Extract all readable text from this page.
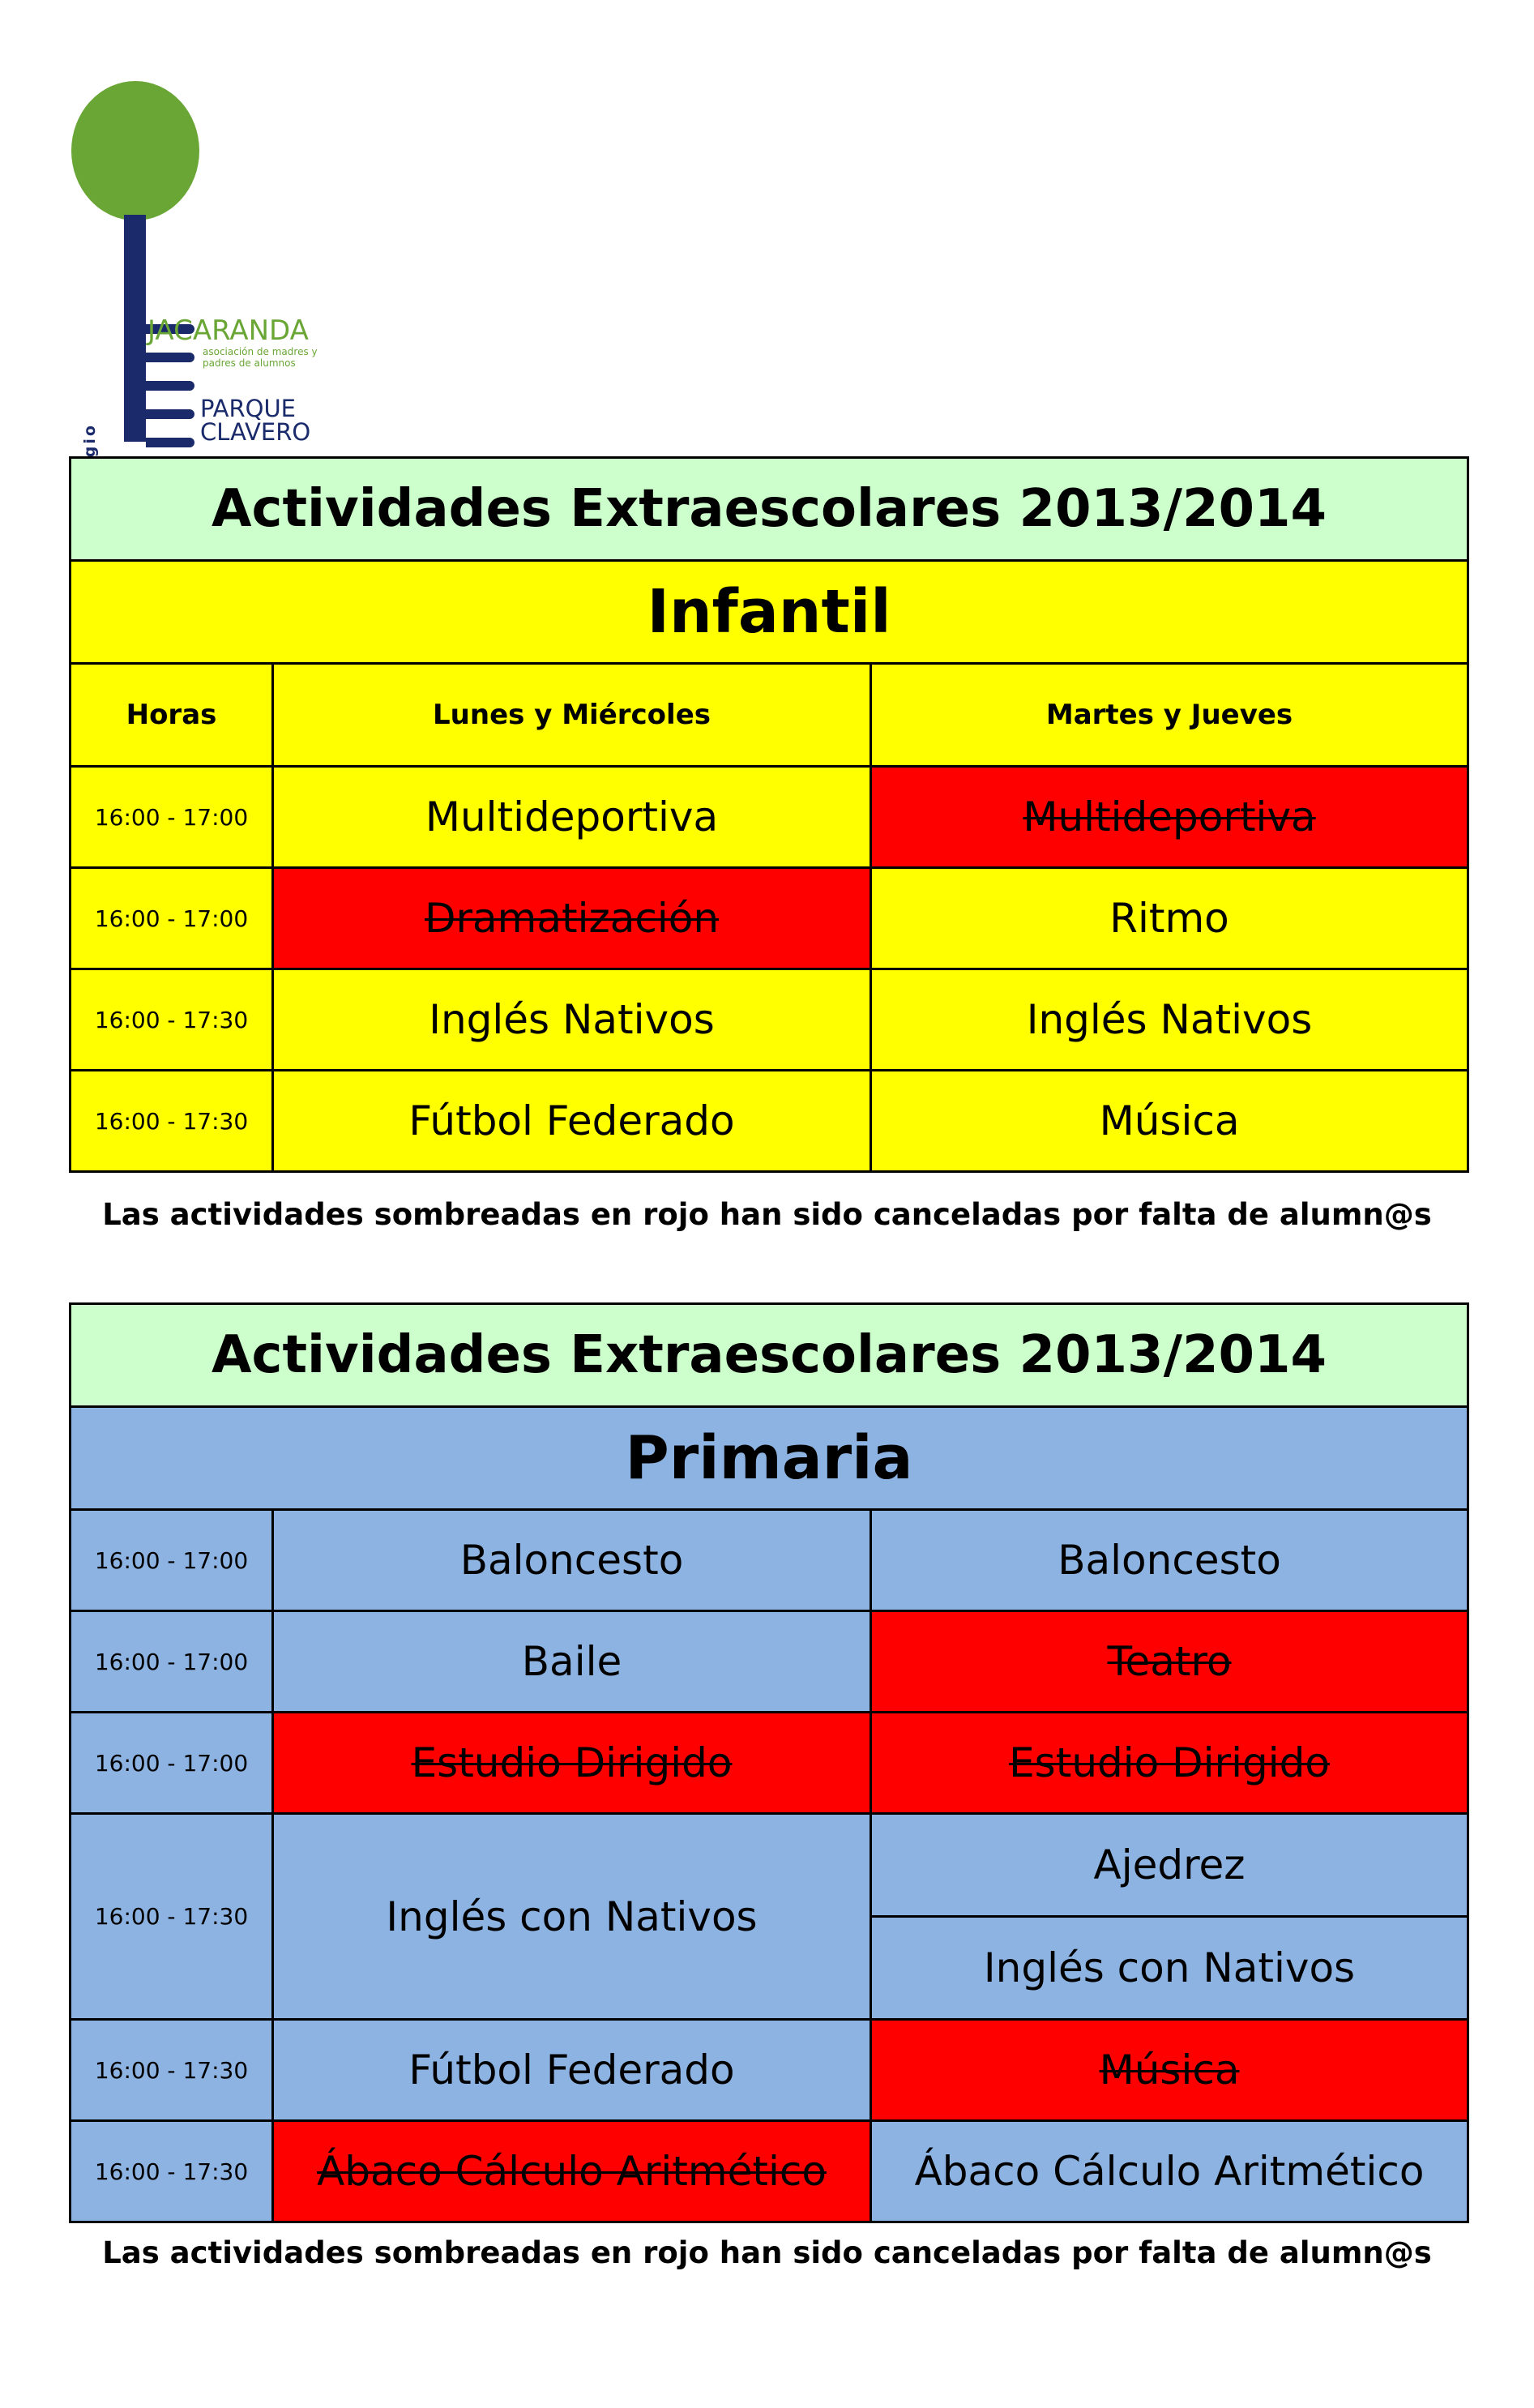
JACARANDA
asociación de madres y padres de alumnos
PARQUE
CLAVERO
Actividades Extraescolares 2013/2014		
Infantil		
Horas	Lunes y Miércoles	Martes y Jueves
16:00 - 17:00	Multideportiva	Multideportiva
16:00 - 17:00	Dramatización	Ritmo
16:00 - 17:30	Inglés Nativos	Inglés Nativos
16:00 - 17:30	Fútbol Federado	Música
Las actividades sombreadas en rojo han sido canceladas por falta de alumn@s
Actividades Extraescolares 2013/2014		
Primaria		
16:00 - 17:00	Baloncesto	Baloncesto
16:00 - 17:00	Baile	Teatro
16:00 - 17:00	Estudio Dirigido	Estudio Dirigido
16:00 - 17:30	Inglés con Nativos	Ajedrez
		Inglés con Nativos
16:00 - 17:30	Fútbol Federado	Música
16:00 - 17:30	Ábaco Cálculo Aritmético	Ábaco Cálculo Aritmético
Las actividades sombreadas en rojo han sido canceladas por falta de alumn@s
